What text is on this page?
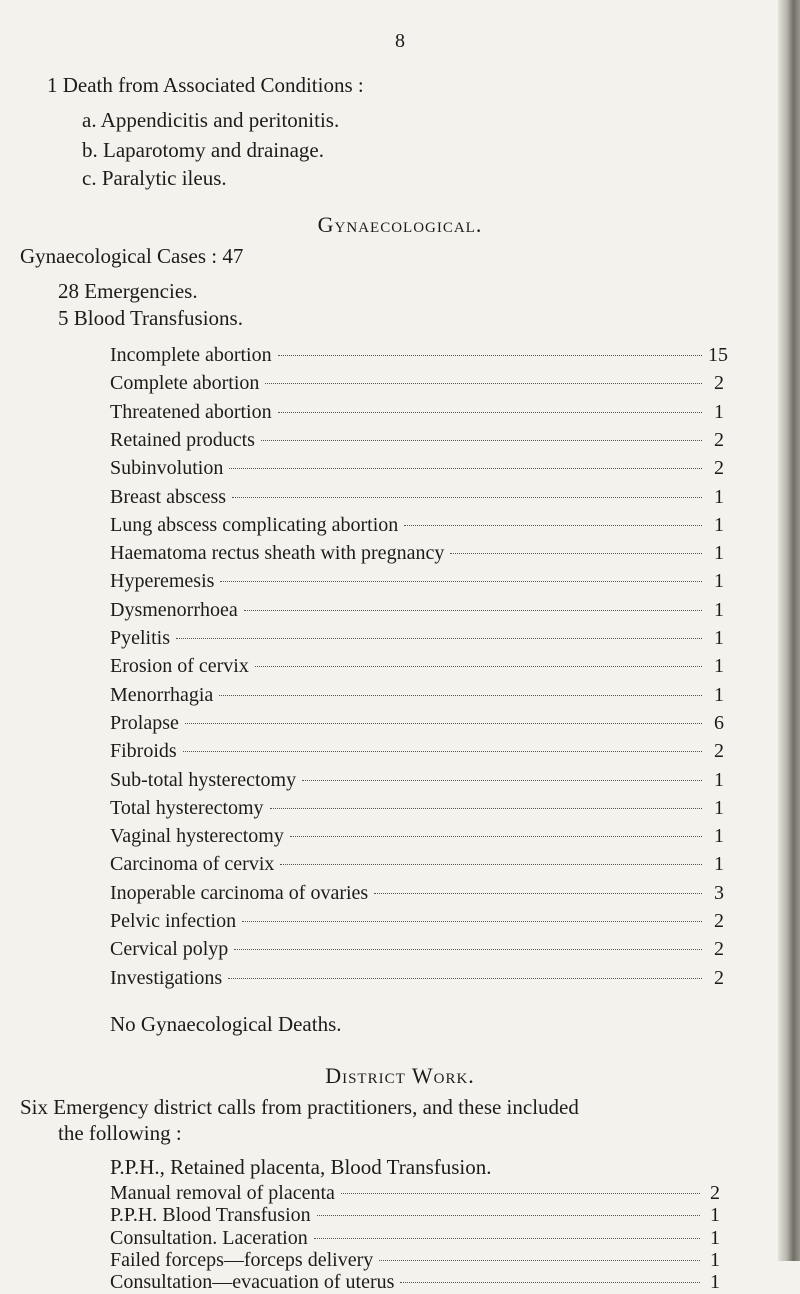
8
1 Death from Associated Conditions :
a. Appendicitis and peritonitis.
b. Laparotomy and drainage.
c. Paralytic ileus.
Gynaecological.
Gynaecological Cases : 47
28 Emergencies.
5 Blood Transfusions.
Incomplete abortion	15
Complete abortion	2
Threatened abortion	1
Retained products	2
Subinvolution	2
Breast abscess	1
Lung abscess complicating abortion	1
Haematoma rectus sheath with pregnancy	1
Hyperemesis	1
Dysmenorrhoea	1
Pyelitis	1
Erosion of cervix	1
Menorrhagia	1
Prolapse	6
Fibroids	2
Sub-total hysterectomy	1
Total hysterectomy	1
Vaginal hysterectomy	1
Carcinoma of cervix	1
Inoperable carcinoma of ovaries	3
Pelvic infection	2
Cervical polyp	2
Investigations	2
No Gynaecological Deaths.
District Work.
Six Emergency district calls from practitioners, and these included
the following :
P.P.H., Retained placenta, Blood Transfusion.
Manual removal of placenta	2
P.P.H. Blood Transfusion	1
Consultation. Laceration	1
Failed forceps—forceps delivery	1
Consultation—evacuation of uterus	1
